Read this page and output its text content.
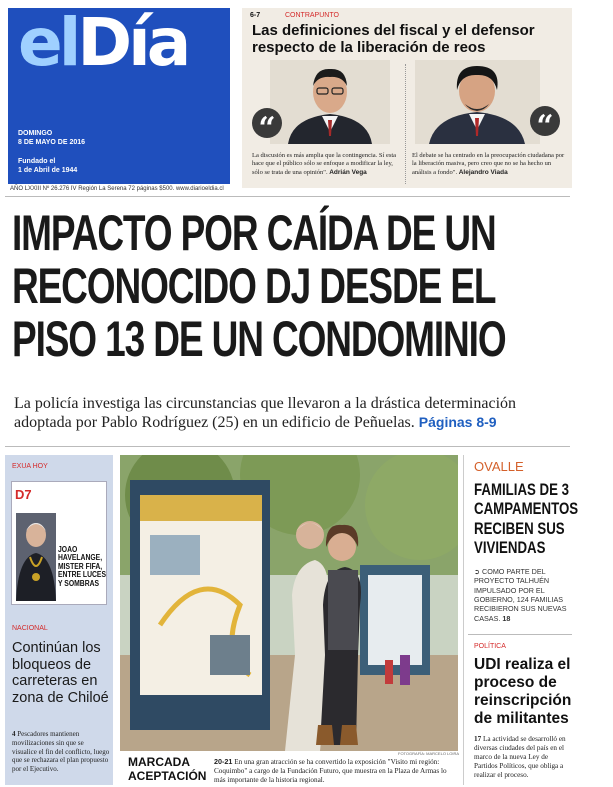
elDía
DOMINGO
8 DE MAYO DE 2016
Fundado el
1 de Abril de 1944
AÑO LXXIII Nº 26.276 IV Región La Serena 72 páginas $500. www.diarioeldia.cl
6-7	CONTRAPUNTO
Las definiciones del fiscal y el defensor respecto de la liberación de reos
“	“
La discusión es más amplia que la contingencia. Sí esta hace que el público sólo se enfoque a modificar la ley, sólo se trata de una opinión". Adrián Vega
El debate se ha centrado en la preocupación ciudadana por la liberación masiva, pero creo que no se ha hecho un análisis a fondo". Alejandro Viada
IMPACTO POR CAÍDA DE UN
RECONOCIDO DJ DESDE EL
PISO 13 DE UN CONDOMINIO
La policía investiga las circunstancias que llevaron a la drástica determinación adoptada por Pablo Rodríguez (25) en un edificio de Peñuelas. Páginas 8-9
EXUA HOY
D7
JOAO HAVELANGE, MISTER FIFA, ENTRE LUCES Y SOMBRAS
NACIONAL
Continúan los bloqueos de carreteras en zona de Chiloé
4 Pescadores mantienen movilizaciones sin que se visualice el fin del conflicto, luego que se rechazara el plan propuesto por el Ejecutivo.
FOTOGRAFÍA: MARCELO LOIRA
MARCADA ACEPTACIÓN
20-21 En una gran atracción se ha convertido la exposición "Visito mi región: Coquimbo" a cargo de la Fundación Futuro, que muestra en la Plaza de Armas lo más importante de la historia regional.
OVALLE
FAMILIAS DE 3 CAMPAMENTOS RECIBEN SUS VIVIENDAS
➲ COMO PARTE DEL PROYECTO TALHUÉN IMPULSADO POR EL GOBIERNO, 124 FAMILIAS RECIBIERON SUS NUEVAS CASAS. 18
POLÍTICA
UDI realiza el proceso de reinscripción de militantes
17 La actividad se desarrolló en diversas ciudades del país en el marco de la nueva Ley de Partidos Políticos, que obliga a realizar el proceso.
